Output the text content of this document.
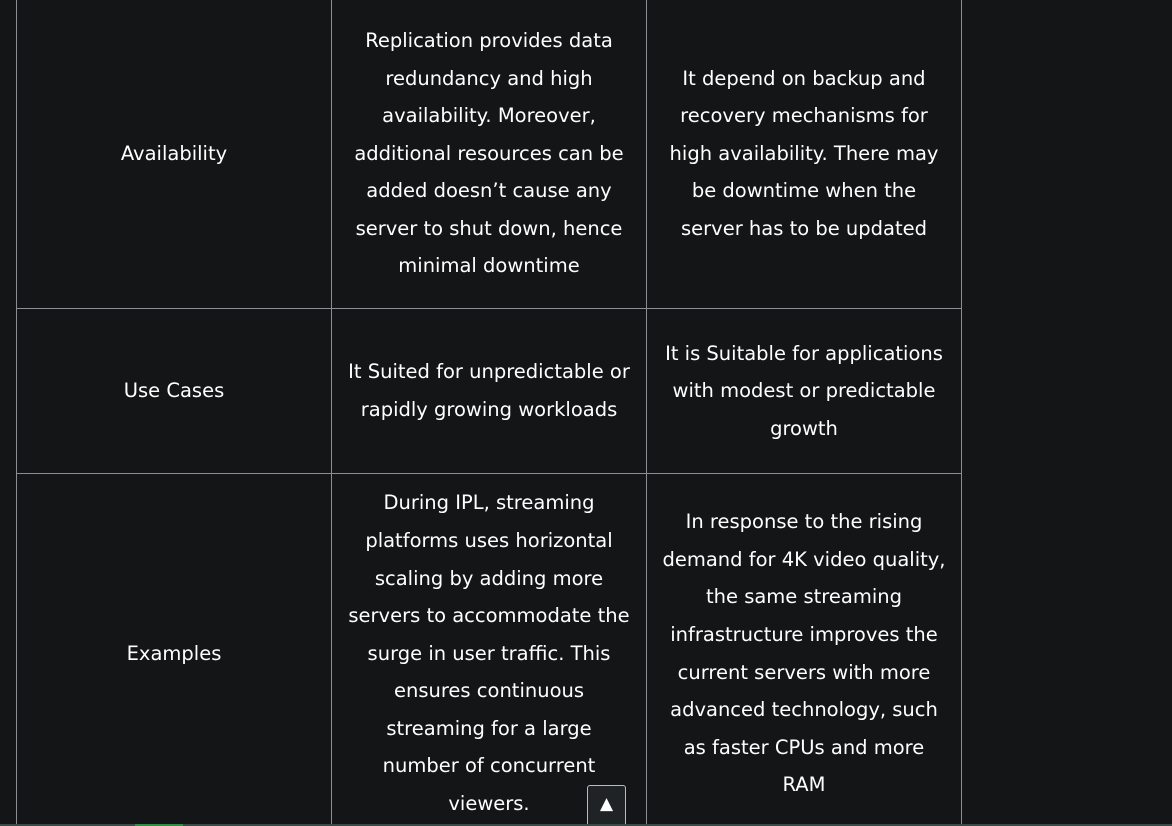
Availability	Replication provides data redundancy and high availability. Moreover, additional resources can be added doesn’t cause any server to shut down, hence minimal downtime	It depend on backup and recovery mechanisms for high availability. There may be downtime when the server has to be updated
Use Cases	It Suited for unpredictable or rapidly growing workloads	It is Suitable for applications with modest or predictable growth
Examples	During IPL, streaming platforms uses horizontal scaling by adding more servers to accommodate the surge in user traffic. This ensures continuous streaming for a large number of concurrent viewers.	In response to the rising demand for 4K video quality, the same streaming infrastructure improves the current servers with more advanced technology, such as faster CPUs and more RAM
▲
